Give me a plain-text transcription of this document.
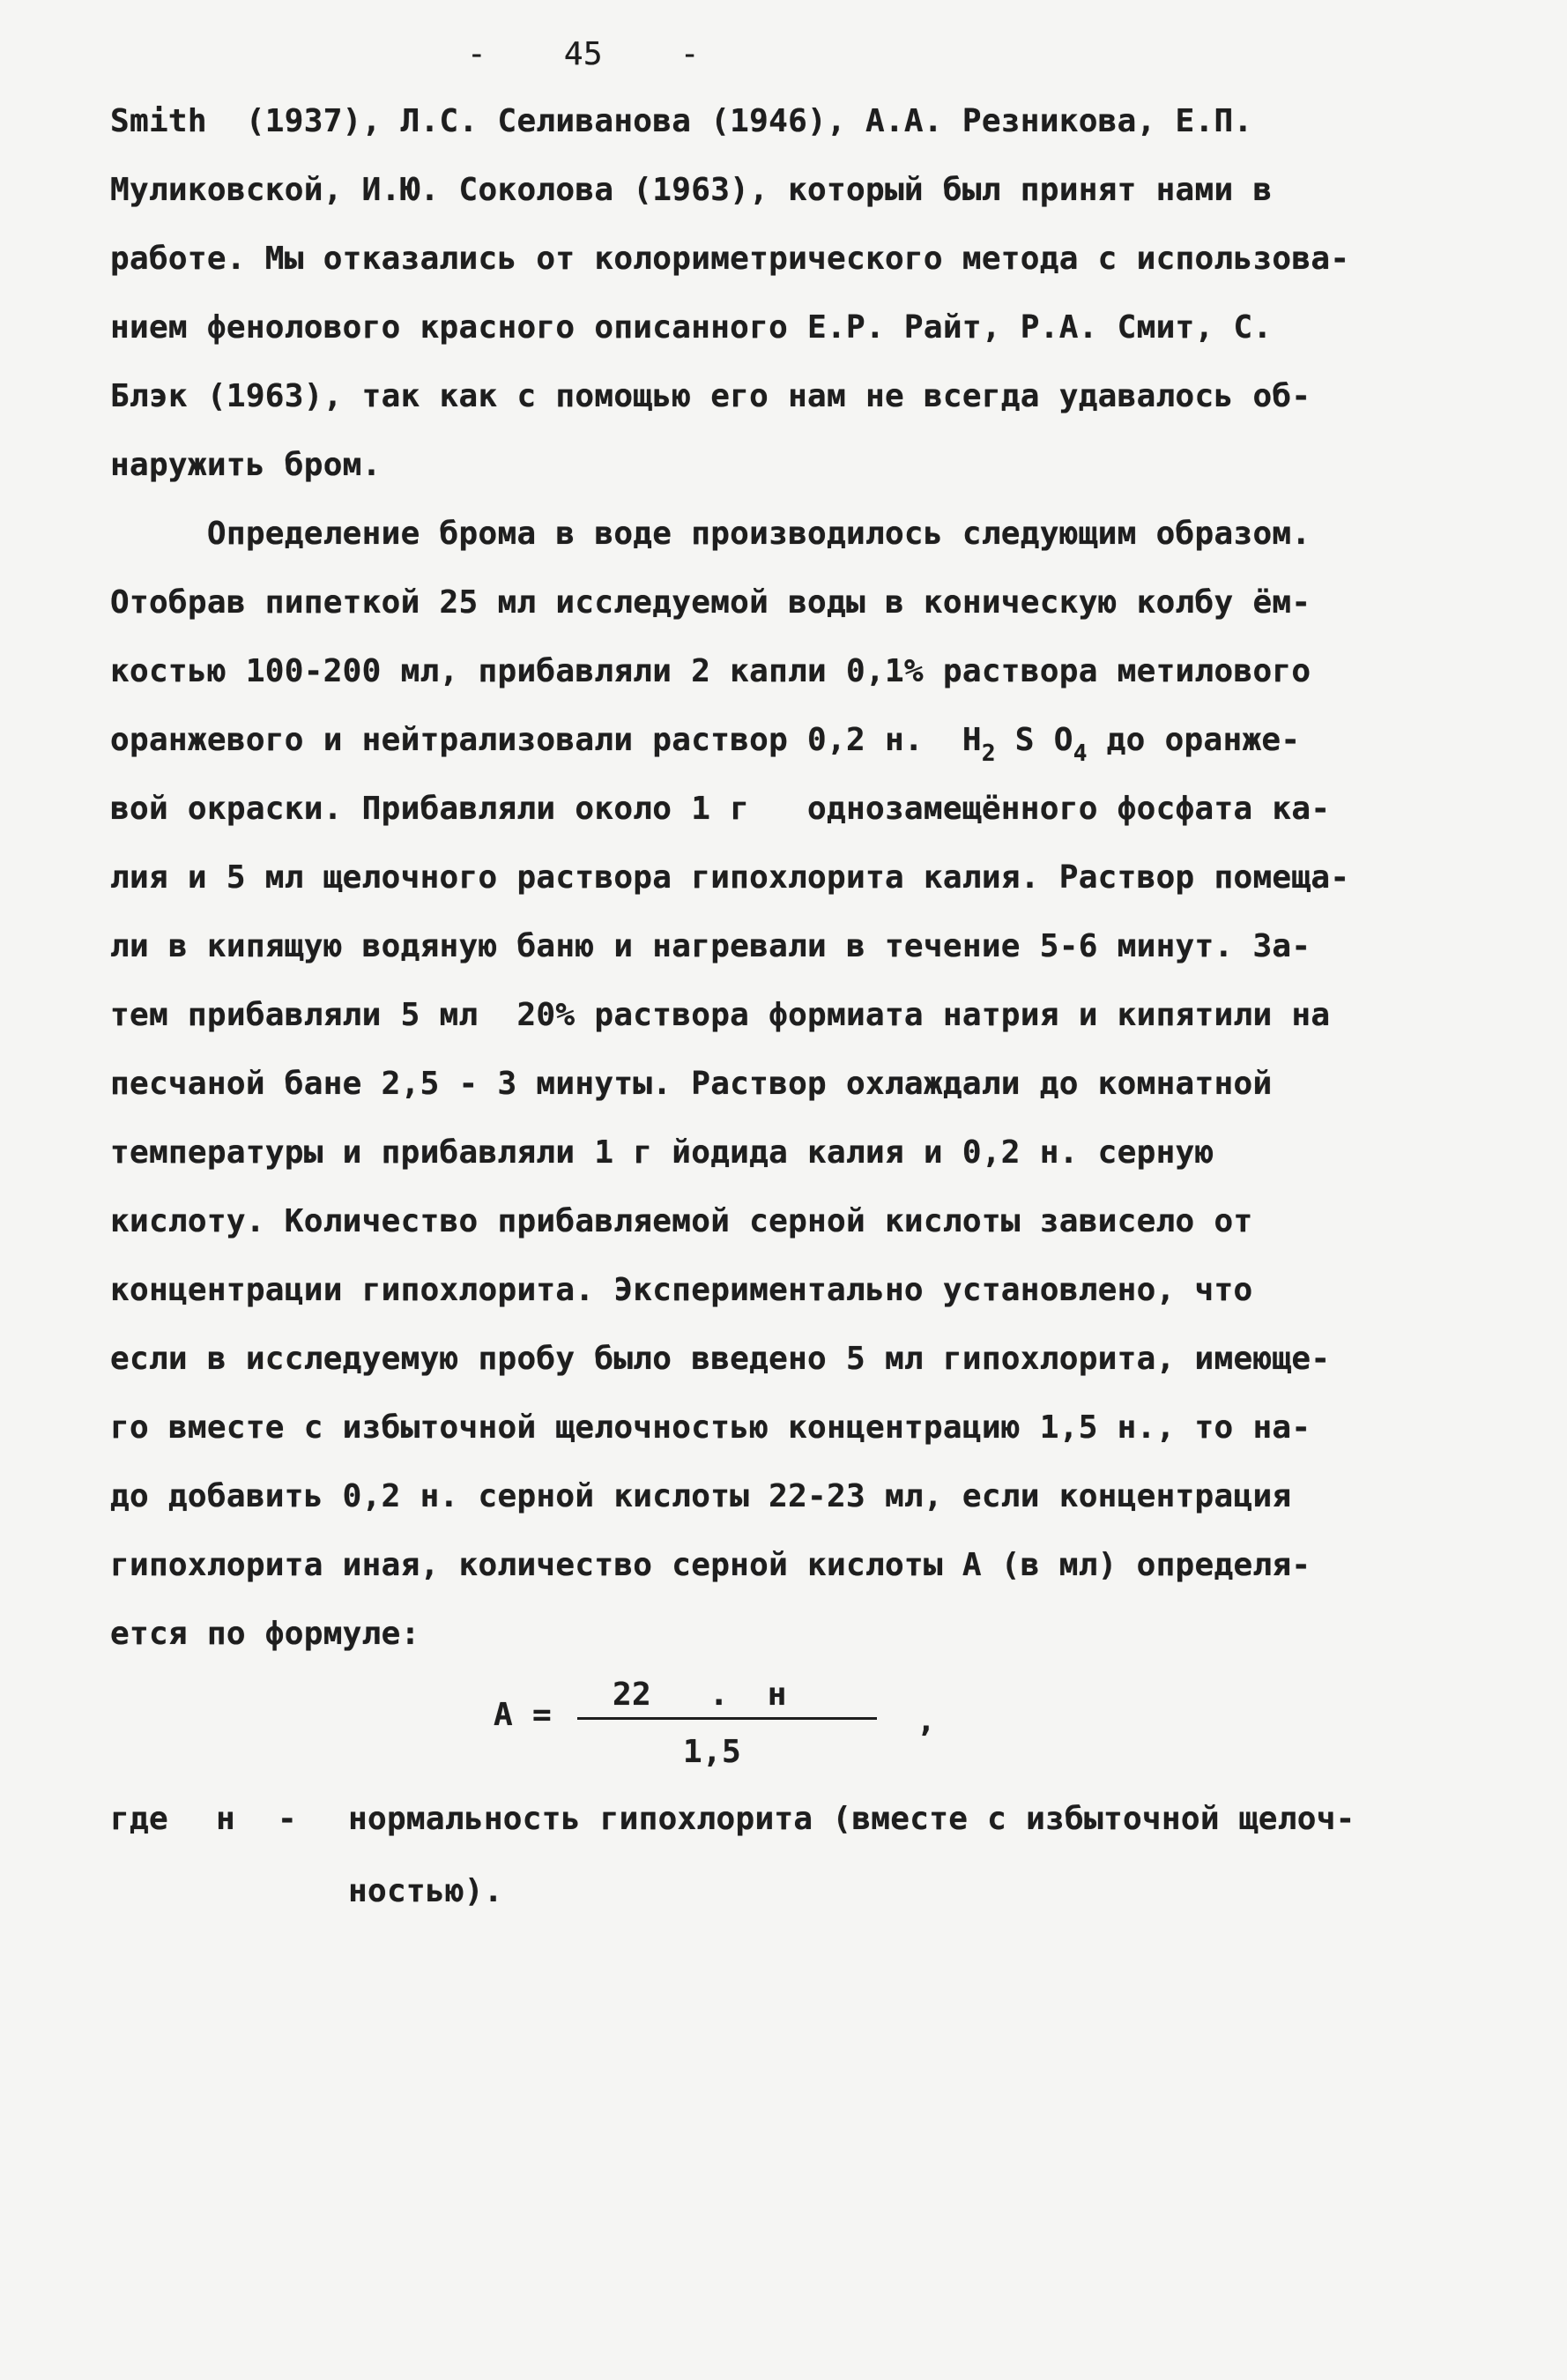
-    45    -
Smith  (1937), Л.С. Селиванова (1946), А.А. Резникова, Е.П.
Муликовской, И.Ю. Соколова (1963), который был принят нами в
работе. Мы отказались от колориметрического метода с использова-
нием фенолового красного описанного Е.Р. Райт, Р.А. Смит, С.
Блэк (1963), так как с помощью его нам не всегда удавалось об-
наружить бром.
Определение брома в воде производилось следующим образом.
Отобрав пипеткой 25 мл исследуемой воды в коническую колбу ём-
костью 100-200 мл, прибавляли 2 капли 0,1% раствора метилового
оранжевого и нейтрализовали раствор 0,2 н.  $H_2$ S $O_4$ до оранже-
вой окраски. Прибавляли около 1 г   однозамещённого фосфата ка-
лия и 5 мл щелочного раствора гипохлорита калия. Раствор помеща-
ли в кипящую водяную баню и нагревали в течение 5-6 минут. За-
тем прибавляли 5 мл  20% раствора формиата натрия и кипятили на
песчаной бане 2,5 - 3 минуты. Раствор охлаждали до комнатной
температуры и прибавляли 1 г йодида калия и 0,2 н. серную
кислоту. Количество прибавляемой серной кислоты зависело от
концентрации гипохлорита. Экспериментально установлено, что
если в исследуемую пробу было введено 5 мл гипохлорита, имеюще-
го вместе с избыточной щелочностью концентрацию 1,5 н., то на-
до добавить 0,2 н. серной кислоты 22-23 мл, если концентрация
гипохлорита иная, количество серной кислоты А (в мл) определя-
ется по формуле:
A =
22   .  н
1,5
,
где н - нормальность гипохлорита (вместе с избыточной щелоч-
ностью).
